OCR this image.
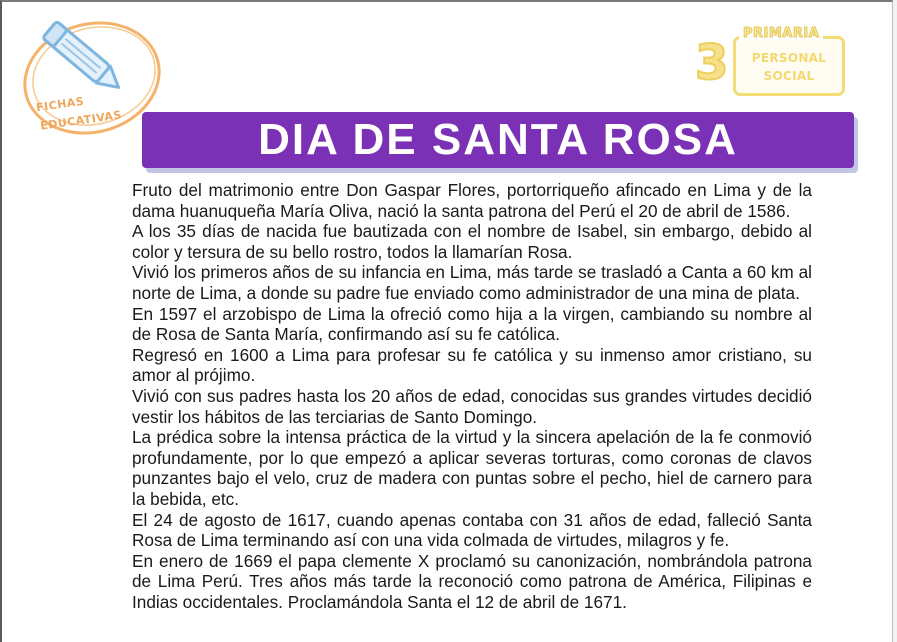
FICHAS
EDUCATIVAS
3
PRIMARIA
PERSONAL
SOCIAL
DIA DE SANTA ROSA

Fruto del matrimonio entre Don Gaspar Flores, portorriqueño afincado en Lima y de la dama huanuqueña María Oliva, nació la santa patrona del Perú el 20 de abril de 1586.

A los 35 días de nacida fue bautizada con el nombre de Isabel, sin embargo, debido al color y tersura de su bello rostro, todos la llamarían Rosa.

Vivió los primeros años de su infancia en Lima, más tarde se trasladó a Canta a 60 km al norte de Lima, a donde su padre fue enviado como administrador de una mina de plata.

En 1597 el arzobispo de Lima la ofreció como hija a la virgen, cambiando su nombre al de Rosa de Santa María, confirmando así su fe católica.

Regresó en 1600 a Lima para profesar su fe católica y su inmenso amor cristiano, su amor al prójimo.

Vivió con sus padres hasta los 20 años de edad, conocidas sus grandes virtudes decidió vestir los hábitos de las terciarias de Santo Domingo.

La prédica sobre la intensa práctica de la virtud y la sincera apelación de la fe conmovió profundamente, por lo que empezó a aplicar severas torturas, como coronas de clavos punzantes bajo el velo, cruz de madera con puntas sobre el pecho, hiel de carnero para la bebida, etc.

El 24 de agosto de 1617, cuando apenas contaba con 31 años de edad, falleció Santa Rosa de Lima terminando así con una vida colmada de virtudes, milagros y fe.

En enero de 1669 el papa clemente X proclamó su canonización, nombrándola patrona de Lima Perú. Tres años más tarde la reconoció como patrona de América, Filipinas e Indias occidentales. Proclamándola Santa el 12 de abril de 1671.
